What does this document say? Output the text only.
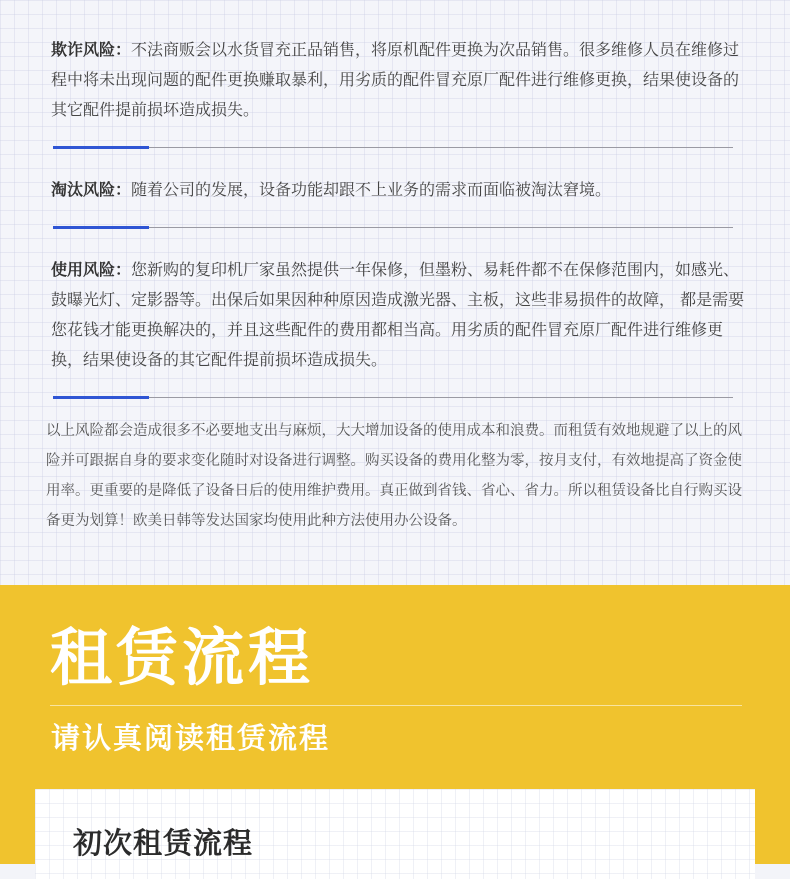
欺诈风险：不法商贩会以水货冒充正品销售，将原机配件更换为次品销售。很多维修人员在维修过程中将未出现问题的配件更换赚取暴利，用劣质的配件冒充原厂配件进行维修更换，结果使设备的其它配件提前损坏造成损失。

淘汰风险：随着公司的发展，设备功能却跟不上业务的需求而面临被淘汰窘境。

使用风险：您新购的复印机厂家虽然提供一年保修，但墨粉、易耗件都不在保修范围内，如感光、鼓曝光灯、定影器等。出保后如果因种种原因造成激光器、主板，这些非易损件的故障， 都是需要您花钱才能更换解决的，并且这些配件的费用都相当高。用劣质的配件冒充原厂配件进行维修更换，结果使设备的其它配件提前损坏造成损失。

以上风险都会造成很多不必要地支出与麻烦，大大增加设备的使用成本和浪费。而租赁有效地规避了以上的风险并可跟据自身的要求变化随时对设备进行调整。购买设备的费用化整为零，按月支付，有效地提高了资金使用率。更重要的是降低了设备日后的使用维护费用。真正做到省钱、省心、省力。所以租赁设备比自行购买设备更为划算！欧美日韩等发达国家均使用此种方法使用办公设备。

租赁流程
请认真阅读租赁流程
初次租赁流程
